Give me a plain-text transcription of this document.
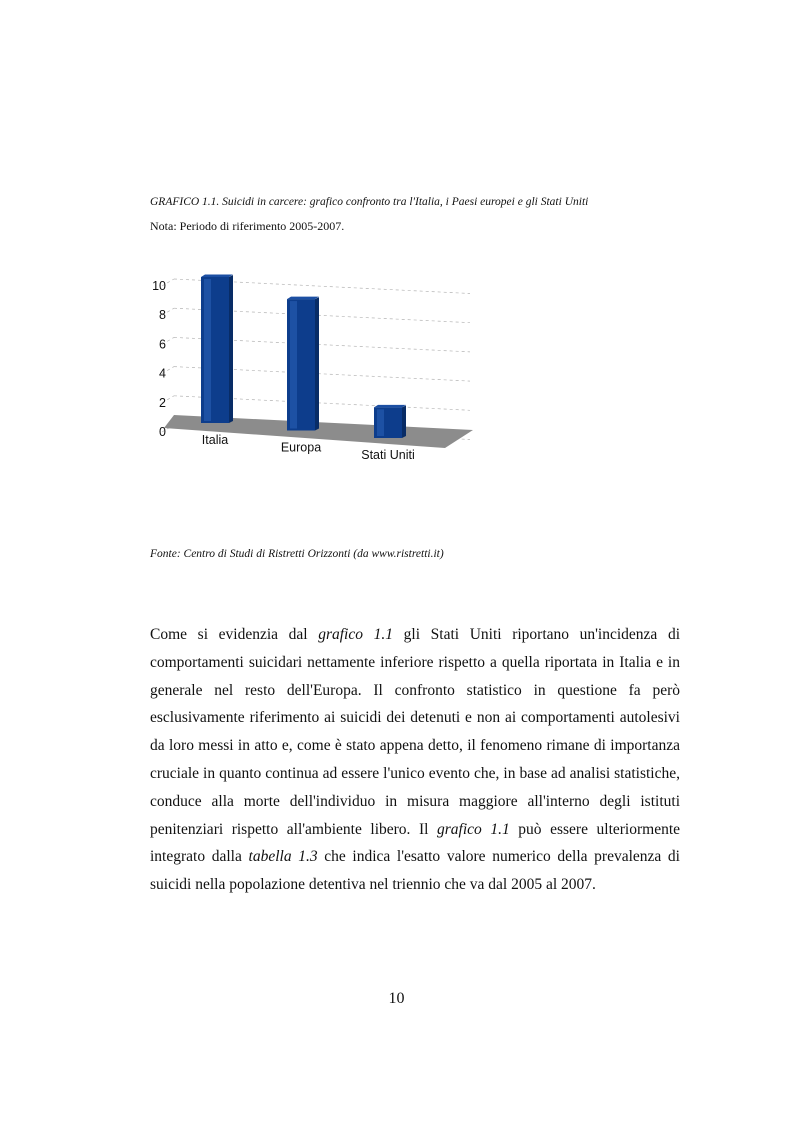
GRAFICO 1.1. Suicidi in carcere: grafico confronto tra l'Italia, i Paesi europei e gli Stati Uniti
Nota: Periodo di riferimento 2005-2007.
0
2
4
6
8
10
Italia
Europa
Stati Uniti
Fonte: Centro di Studi di Ristretti Orizzonti (da www.ristretti.it)
Come si evidenzia dal grafico 1.1 gli Stati Uniti riportano un'incidenza di comportamenti suicidari nettamente inferiore rispetto a quella riportata in Italia e in generale nel resto dell'Europa. Il confronto statistico in questione fa però esclusivamente riferimento ai suicidi dei detenuti e non ai comportamenti autolesivi da loro messi in atto e, come è stato appena detto, il fenomeno rimane di importanza cruciale in quanto continua ad essere l'unico evento che, in base ad analisi statistiche, conduce alla morte dell'individuo in misura maggiore all'interno degli istituti penitenziari rispetto all'ambiente libero. Il grafico 1.1 può essere ulteriormente integrato dalla tabella 1.3 che indica l'esatto valore numerico della prevalenza di suicidi nella popolazione detentiva nel triennio che va dal 2005 al 2007.
10
